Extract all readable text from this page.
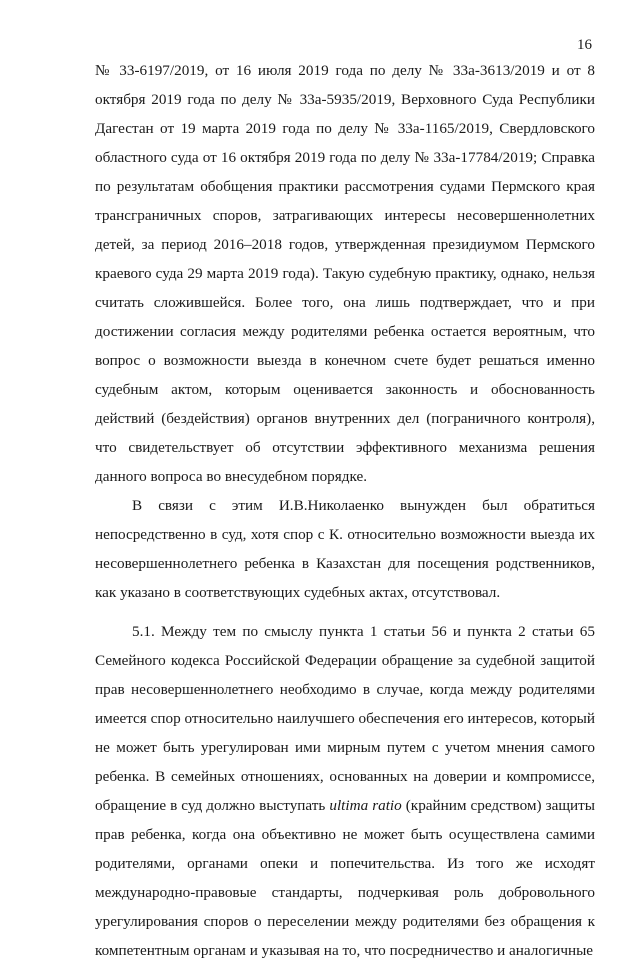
16

№ 33-6197/2019, от 16 июля 2019 года по делу № 33а-3613/2019 и от 8 октября 2019 года по делу № 33а-5935/2019, Верховного Суда Республики Дагестан от 19 марта 2019 года по делу № 33а-1165/2019, Свердловского областного суда от 16 октября 2019 года по делу № 33а-17784/2019; Справка по результатам обобщения практики рассмотрения судами Пермского края трансграничных споров, затрагивающих интересы несовершеннолетних детей, за период 2016–2018 годов, утвержденная президиумом Пермского краевого суда 29 марта 2019 года). Такую судебную практику, однако, нельзя считать сложившейся. Более того, она лишь подтверждает, что и при достижении согласия между родителями ребенка остается вероятным, что вопрос о возможности выезда в конечном счете будет решаться именно судебным актом, которым оценивается законность и обоснованность действий (бездействия) органов внутренних дел (пограничного контроля), что свидетельствует об отсутствии эффективного механизма решения данного вопроса во внесудебном порядке.

В связи с этим И.В.Николаенко вынужден был обратиться непосредственно в суд, хотя спор с К. относительно возможности выезда их несовершеннолетнего ребенка в Казахстан для посещения родственников, как указано в соответствующих судебных актах, отсутствовал.

5.1. Между тем по смыслу пункта 1 статьи 56 и пункта 2 статьи 65 Семейного кодекса Российской Федерации обращение за судебной защитой прав несовершеннолетнего необходимо в случае, когда между родителями имеется спор относительно наилучшего обеспечения его интересов, который не может быть урегулирован ими мирным путем с учетом мнения самого ребенка. В семейных отношениях, основанных на доверии и компромиссе, обращение в суд должно выступать ultima ratio (крайним средством) защиты прав ребенка, когда она объективно не может быть осуществлена самими родителями, органами опеки и попечительства. Из того же исходят международно-правовые стандарты, подчеркивая роль добровольного урегулирования споров о переселении между родителями без обращения к компетентным органам и указывая на то, что посредничество и аналогичные
